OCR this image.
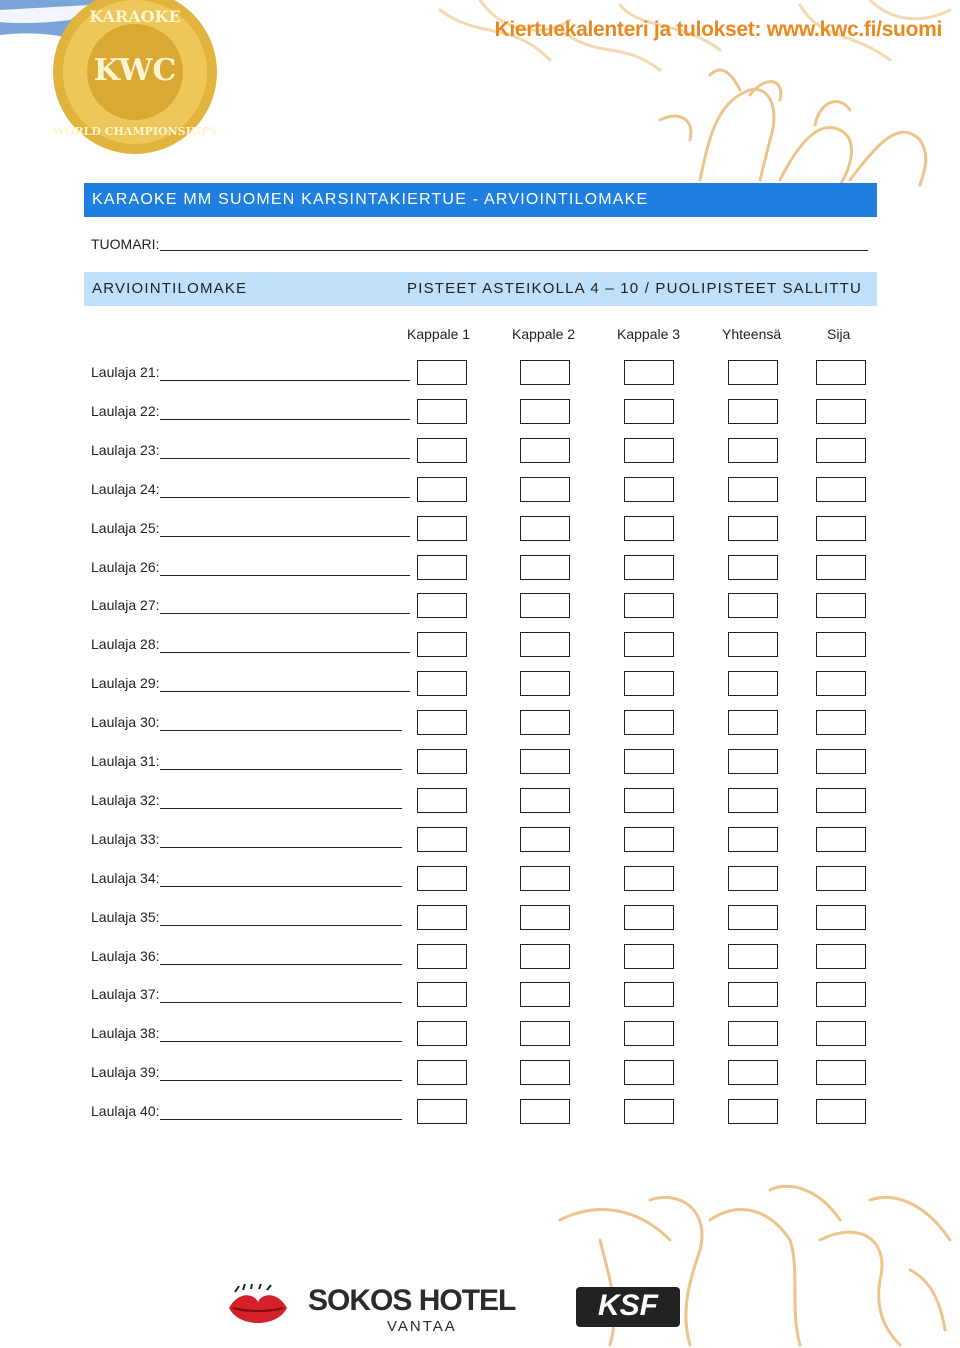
KWC
KARAOKE
WORLD CHAMPIONSHIPS
Kiertuekalenteri ja tulokset: www.kwc.fi/suomi
KARAOKE MM SUOMEN KARSINTAKIERTUE - ARVIOINTILOMAKE
TUOMARI:
ARVIOINTILOMAKE	PISTEET ASTEIKOLLA 4 – 10 / PUOLIPISTEET SALLITTU
Kappale 1	Kappale 2	Kappale 3	Yhteensä	Sija
Laulaja 21:
Laulaja 22:
Laulaja 23:
Laulaja 24:
Laulaja 25:
Laulaja 26:
Laulaja 27:
Laulaja 28:
Laulaja 29:
Laulaja 30:
Laulaja 31:
Laulaja 32:
Laulaja 33:
Laulaja 34:
Laulaja 35:
Laulaja 36:
Laulaja 37:
Laulaja 38:
Laulaja 39:
Laulaja 40:
SOKOS HOTEL
VANTAA
KSF
